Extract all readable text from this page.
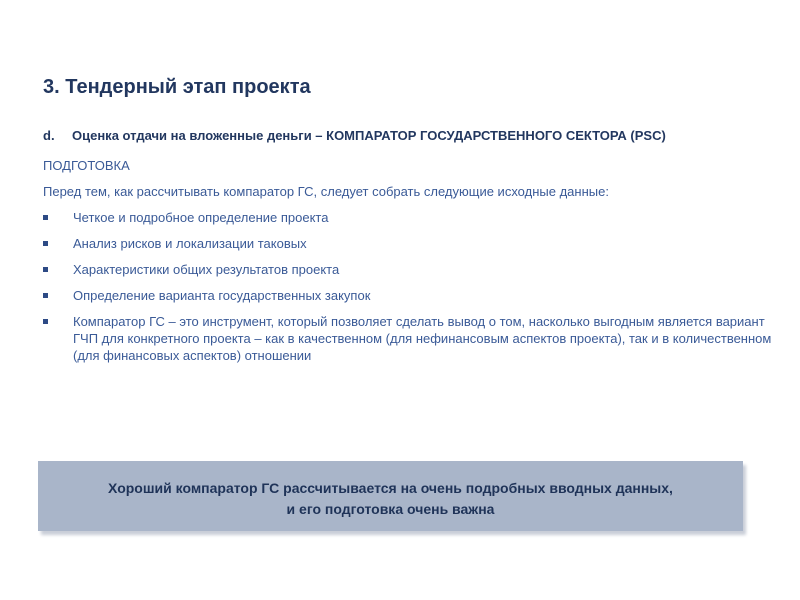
3. Тендерный этап проекта
d. Оценка отдачи на вложенные деньги – КОМПАРАТОР ГОСУДАРСТВЕННОГО СЕКТОРА (PSC)

ПОДГОТОВКА

Перед тем, как рассчитывать компаратор ГС, следует собрать следующие исходные данные:

Четкое и подробное определение проекта
Анализ рисков и локализации таковых
Характеристики общих результатов проекта
Определение варианта государственных закупок
Компаратор ГС – это инструмент, который позволяет сделать вывод о том, насколько выгодным является вариант ГЧП для конкретного проекта – как в качественном (для нефинансовым аспектов проекта), так и в количественном (для финансовых аспектов) отношении

Хороший компаратор ГС рассчитывается на очень подробных вводных данных,

и его подготовка очень важна
